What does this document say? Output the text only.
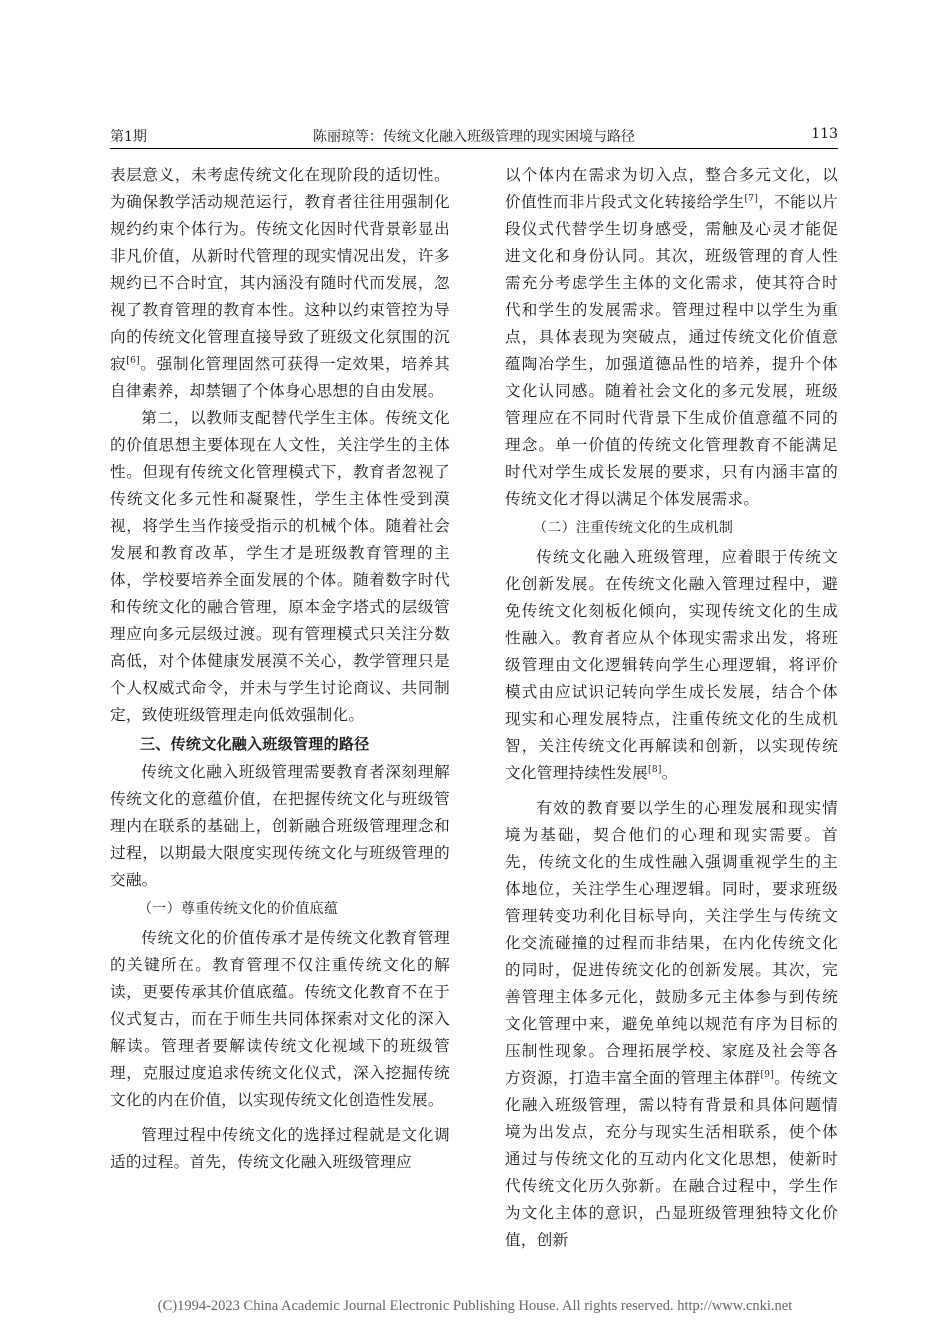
第1期	陈丽琼等：传统文化融入班级管理的现实困境与路径	113

表层意义，未考虑传统文化在现阶段的适切性。为确保教学活动规范运行，教育者往往用强制化规约约束个体行为。传统文化因时代背景彰显出非凡价值，从新时代管理的现实情况出发，许多规约已不合时宜，其内涵没有随时代而发展，忽视了教育管理的教育本性。这种以约束管控为导向的传统文化管理直接导致了班级文化氛围的沉寂[6]。强制化管理固然可获得一定效果，培养其自律素养，却禁锢了个体身心思想的自由发展。

第二，以教师支配替代学生主体。传统文化的价值思想主要体现在人文性，关注学生的主体性。但现有传统文化管理模式下，教育者忽视了传统文化多元性和凝聚性，学生主体性受到漠视，将学生当作接受指示的机械个体。随着社会发展和教育改革，学生才是班级教育管理的主体，学校要培养全面发展的个体。随着数字时代和传统文化的融合管理，原本金字塔式的层级管理应向多元层级过渡。现有管理模式只关注分数高低，对个体健康发展漠不关心，教学管理只是个人权威式命令，并未与学生讨论商议、共同制定，致使班级管理走向低效强制化。

三、传统文化融入班级管理的路径

传统文化融入班级管理需要教育者深刻理解传统文化的意蕴价值，在把握传统文化与班级管理内在联系的基础上，创新融合班级管理理念和过程，以期最大限度实现传统文化与班级管理的交融。

（一）尊重传统文化的价值底蕴

传统文化的价值传承才是传统文化教育管理的关键所在。教育管理不仅注重传统文化的解读，更要传承其价值底蕴。传统文化教育不在于仪式复古，而在于师生共同体探索对文化的深入解读。管理者要解读传统文化视域下的班级管理，克服过度追求传统文化仪式，深入挖掘传统文化的内在价值，以实现传统文化创造性发展。

管理过程中传统文化的选择过程就是文化调适的过程。首先，传统文化融入班级管理应

以个体内在需求为切入点，整合多元文化，以价值性而非片段式文化转接给学生[7]，不能以片段仪式代替学生切身感受，需触及心灵才能促进文化和身份认同。其次，班级管理的育人性需充分考虑学生主体的文化需求，使其符合时代和学生的发展需求。管理过程中以学生为重点，具体表现为突破点，通过传统文化价值意蕴陶冶学生，加强道德品性的培养，提升个体文化认同感。随着社会文化的多元发展，班级管理应在不同时代背景下生成价值意蕴不同的理念。单一价值的传统文化管理教育不能满足时代对学生成长发展的要求，只有内涵丰富的传统文化才得以满足个体发展需求。

（二）注重传统文化的生成机制

传统文化融入班级管理，应着眼于传统文化创新发展。在传统文化融入管理过程中，避免传统文化刻板化倾向，实现传统文化的生成性融入。教育者应从个体现实需求出发，将班级管理由文化逻辑转向学生心理逻辑，将评价模式由应试识记转向学生成长发展，结合个体现实和心理发展特点，注重传统文化的生成机智，关注传统文化再解读和创新，以实现传统文化管理持续性发展[8]。

有效的教育要以学生的心理发展和现实情境为基础，契合他们的心理和现实需要。首先，传统文化的生成性融入强调重视学生的主体地位，关注学生心理逻辑。同时，要求班级管理转变功利化目标导向，关注学生与传统文化交流碰撞的过程而非结果，在内化传统文化的同时，促进传统文化的创新发展。其次，完善管理主体多元化，鼓励多元主体参与到传统文化管理中来，避免单纯以规范有序为目标的压制性现象。合理拓展学校、家庭及社会等各方资源，打造丰富全面的管理主体群[9]。传统文化融入班级管理，需以特有背景和具体问题情境为出发点，充分与现实生活相联系，使个体通过与传统文化的互动内化文化思想，使新时代传统文化历久弥新。在融合过程中，学生作为文化主体的意识，凸显班级管理独特文化价值，创新

(C)1994-2023 China Academic Journal Electronic Publishing House. All rights reserved. http://www.cnki.net
